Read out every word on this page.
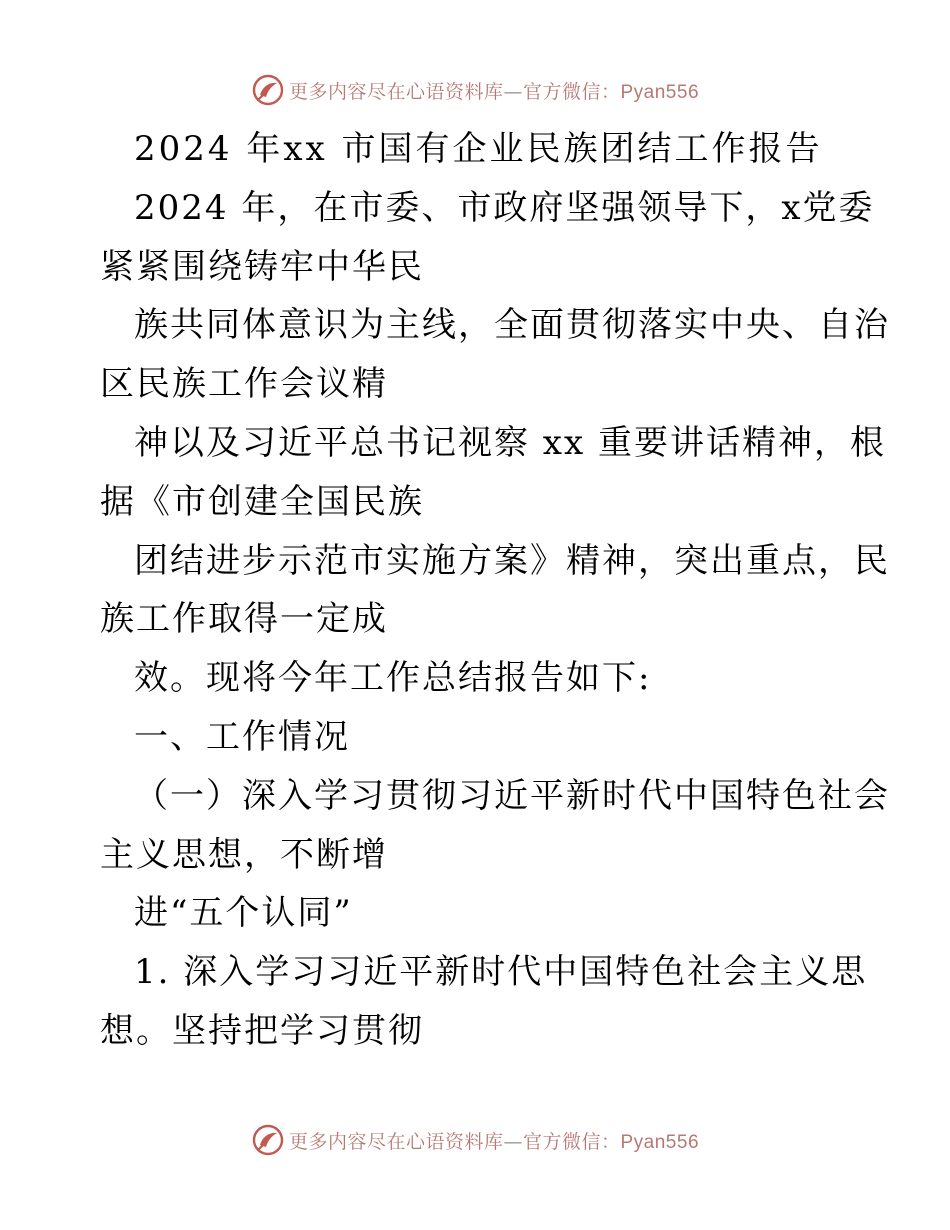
更多内容尽在心语资料库—官方微信：Pyan556
2024 年xx 市国有企业民族团结工作报告
2024 年，在市委、市政府坚强领导下，x党委
紧紧围绕铸牢中华民
族共同体意识为主线，全面贯彻落实中央、自治
区民族工作会议精
神以及习近平总书记视察 xx 重要讲话精神，根
据《市创建全国民族
团结进步示范市实施方案》精神，突出重点，民
族工作取得一定成
效。现将今年工作总结报告如下:
一、工作情况
（一）深入学习贯彻习近平新时代中国特色社会
主义思想，不断增
进“五个认同”
1. 深入学习习近平新时代中国特色社会主义思
想。坚持把学习贯彻
更多内容尽在心语资料库—官方微信：Pyan556
